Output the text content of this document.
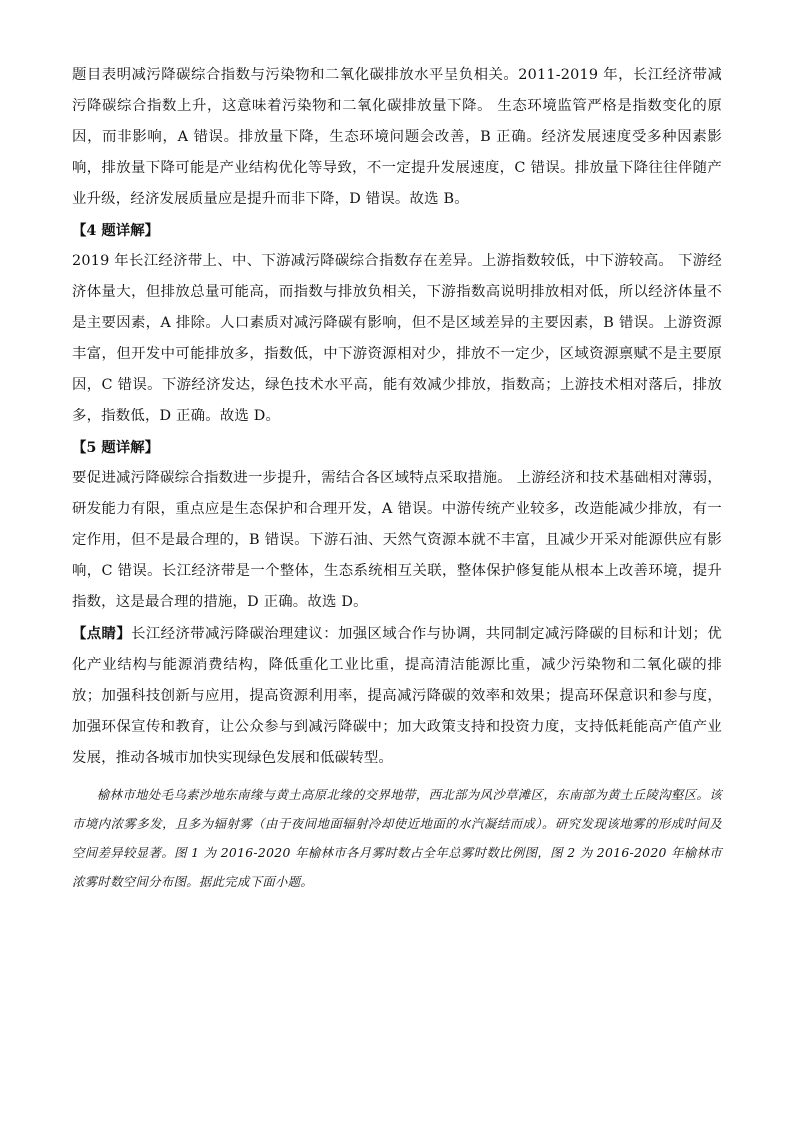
题目表明减污降碳综合指数与污染物和二氧化碳排放水平呈负相关。2011-2019 年，长江经济带减污降碳综合指数上升，这意味着污染物和二氧化碳排放量下降。 生态环境监管严格是指数变化的原因，而非影响，A 错误。排放量下降，生态环境问题会改善，B 正确。经济发展速度受多种因素影响，排放量下降可能是产业结构优化等导致，不一定提升发展速度，C 错误。排放量下降往往伴随产业升级，经济发展质量应是提升而非下降，D 错误。故选 B。

【4 题详解】

2019 年长江经济带上、中、下游减污降碳综合指数存在差异。上游指数较低，中下游较高。 下游经济体量大，但排放总量可能高，而指数与排放负相关，下游指数高说明排放相对低，所以经济体量不是主要因素，A 排除。人口素质对减污降碳有影响，但不是区域差异的主要因素，B 错误。上游资源丰富，但开发中可能排放多，指数低，中下游资源相对少，排放不一定少，区域资源禀赋不是主要原因，C 错误。下游经济发达，绿色技术水平高，能有效减少排放，指数高；上游技术相对落后，排放多，指数低，D 正确。故选 D。

【5 题详解】

要促进减污降碳综合指数进一步提升，需结合各区域特点采取措施。 上游经济和技术基础相对薄弱，研发能力有限，重点应是生态保护和合理开发，A 错误。中游传统产业较多，改造能减少排放，有一定作用，但不是最合理的，B 错误。下游石油、天然气资源本就不丰富，且减少开采对能源供应有影响，C 错误。长江经济带是一个整体，生态系统相互关联，整体保护修复能从根本上改善环境，提升指数，这是最合理的措施，D 正确。故选 D。

【点睛】长江经济带减污降碳治理建议：加强区域合作与协调，共同制定减污降碳的目标和计划；优化产业结构与能源消费结构，降低重化工业比重，提高清洁能源比重，减少污染物和二氧化碳的排放；加强科技创新与应用，提高资源利用率，提高减污降碳的效率和效果；提高环保意识和参与度，加强环保宣传和教育，让公众参与到减污降碳中；加大政策支持和投资力度，支持低耗能高产值产业发展，推动各城市加快实现绿色发展和低碳转型。

榆林市地处毛乌素沙地东南缘与黄土高原北缘的交界地带，西北部为风沙草滩区，东南部为黄土丘陵沟壑区。该市境内浓雾多发，且多为辐射雾（由于夜间地面辐射冷却使近地面的水汽凝结而成）。研究发现该地雾的形成时间及空间差异较显著。图 1 为 2016-2020 年榆林市各月雾时数占全年总雾时数比例图，图 2 为 2016-2020 年榆林市浓雾时数空间分布图。据此完成下面小题。
